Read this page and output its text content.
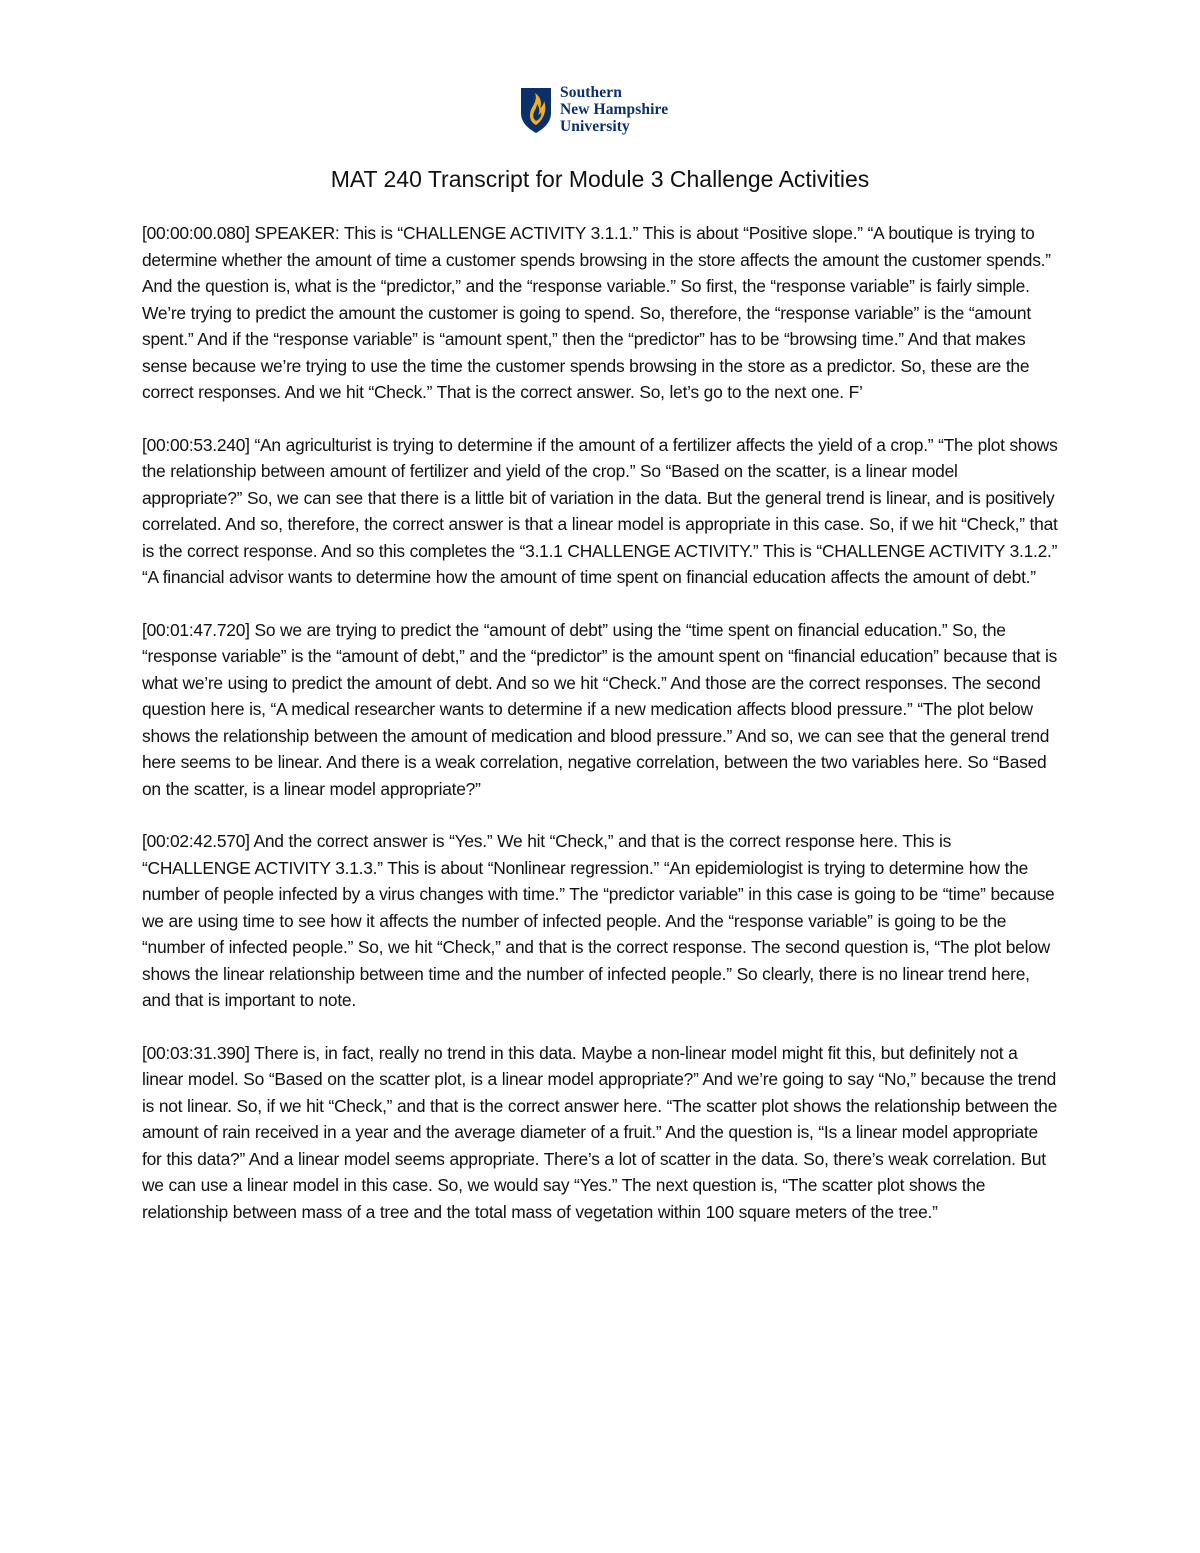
Southern
New Hampshire
University
MAT 240 Transcript for Module 3 Challenge Activities

[00:00:00.080] SPEAKER: This is “CHALLENGE ACTIVITY 3.1.1.” This is about “Positive slope.” “A boutique is trying to determine whether the amount of time a customer spends browsing in the store affects the amount the customer spends.” And the question is, what is the “predictor,” and the “response variable.” So first, the “response variable” is fairly simple. We’re trying to predict the amount the customer is going to spend. So, therefore, the “response variable” is the “amount spent.” And if the “response variable” is “amount spent,” then the “predictor” has to be “browsing time.” And that makes sense because we’re trying to use the time the customer spends browsing in the store as a predictor. So, these are the correct responses. And we hit “Check.” That is the correct answer. So, let’s go to the next one. F’

[00:00:53.240] “An agriculturist is trying to determine if the amount of a fertilizer affects the yield of a crop.” “The plot shows the relationship between amount of fertilizer and yield of the crop.” So “Based on the scatter, is a linear model appropriate?” So, we can see that there is a little bit of variation in the data. But the general trend is linear, and is positively correlated. And so, therefore, the correct answer is that a linear model is appropriate in this case. So, if we hit “Check,” that is the correct response. And so this completes the “3.1.1 CHALLENGE ACTIVITY.” This is “CHALLENGE ACTIVITY 3.1.2.” “A financial advisor wants to determine how the amount of time spent on financial education affects the amount of debt.”

[00:01:47.720] So we are trying to predict the “amount of debt” using the “time spent on financial education.” So, the “response variable” is the “amount of debt,” and the “predictor” is the amount spent on “financial education” because that is what we’re using to predict the amount of debt. And so we hit “Check.” And those are the correct responses. The second question here is, “A medical researcher wants to determine if a new medication affects blood pressure.” “The plot below shows the relationship between the amount of medication and blood pressure.” And so, we can see that the general trend here seems to be linear. And there is a weak correlation, negative correlation, between the two variables here. So “Based on the scatter, is a linear model appropriate?”

[00:02:42.570] And the correct answer is “Yes.” We hit “Check,” and that is the correct response here. This is “CHALLENGE ACTIVITY 3.1.3.” This is about “Nonlinear regression.” “An epidemiologist is trying to determine how the number of people infected by a virus changes with time.” The “predictor variable” in this case is going to be “time” because we are using time to see how it affects the number of infected people. And the “response variable” is going to be the “number of infected people.” So, we hit “Check,” and that is the correct response. The second question is, “The plot below shows the linear relationship between time and the number of infected people.” So clearly, there is no linear trend here, and that is important to note.

[00:03:31.390] There is, in fact, really no trend in this data. Maybe a non-linear model might fit this, but definitely not a linear model. So “Based on the scatter plot, is a linear model appropriate?” And we’re going to say “No,” because the trend is not linear. So, if we hit “Check,” and that is the correct answer here. “The scatter plot shows the relationship between the amount of rain received in a year and the average diameter of a fruit.” And the question is, “Is a linear model appropriate for this data?” And a linear model seems appropriate. There’s a lot of scatter in the data. So, there’s weak correlation. But we can use a linear model in this case. So, we would say “Yes.” The next question is, “The scatter plot shows the relationship between mass of a tree and the total mass of vegetation within 100 square meters of the tree.”
